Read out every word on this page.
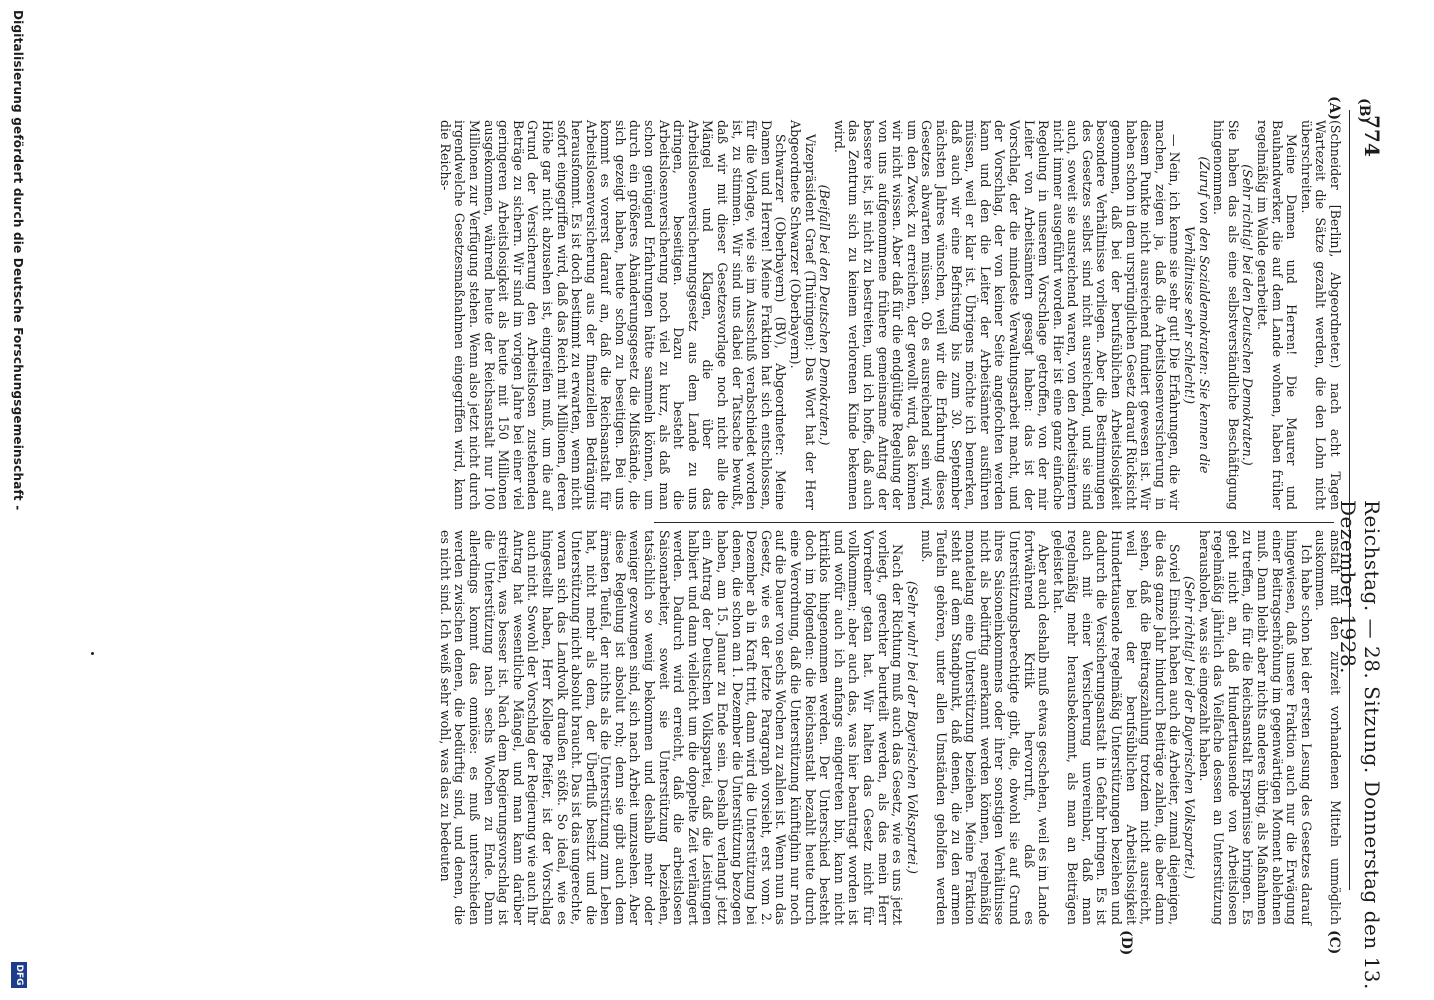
774
Reichstag. — 28. Sitzung. Donnerstag den 13. Dezember 1928.
(A) (B)
(C)
(D)

(Schneider [Berlin], Abgeordneter.) nach acht Tagen Wartezeit die Sätze gezahlt werden, die den Lohn nicht überschreiten.

Meine Damen und Herren! Die Maurer und Bauhandwerker, die auf dem Lande wohnen, haben früher regelmäßig im Walde gearbeitet.

(Sehr richtig! bei den Deutschen Demokraten.)

Sie haben das als eine selbstverständliche Beschäftigung hingenommen.

(Zuruf von den Sozialdemokraten: Sie kennen die Verhältnisse sehr schlecht!)

— Nein, ich kenne sie sehr gut! Die Erfahrungen, die wir machen, zeigen ja, daß die Arbeitslosenversicherung in diesem Punkte nicht ausreichend fundiert gewesen ist. Wir haben schon in dem ursprünglichen Gesetz darauf Rücksicht genommen, daß bei der berufsüblichen Arbeitslosigkeit besondere Verhältnisse vorliegen. Aber die Bestimmungen des Gesetzes selbst sind nicht ausreichend, und sie sind auch, soweit sie ausreichend waren, von den Arbeitsämtern nicht immer ausgeführt worden. Hier ist eine ganz einfache Regelung in unserem Vorschlage getroffen, von der mir Leiter von Arbeitsämtern gesagt haben: das ist der Vorschlag, der die mindeste Verwaltungsarbeit macht, und der Vorschlag, der von keiner Seite angefochten werden kann und den die Leiter der Arbeitsämter ausführen müssen, weil er klar ist. Übrigens möchte ich bemerken, daß auch wir eine Befristung bis zum 30. September nächsten Jahres wünschen, weil wir die Erfahrung dieses Gesetzes abwarten müssen. Ob es ausreichend sein wird, um den Zweck zu erreichen, der gewollt wird, das können wir nicht wissen. Aber daß für die endgültige Regelung der von uns aufgenommene frühere gemeinsame Antrag der bessere ist, ist nicht zu bestreiten, und ich hoffe, daß auch das Zentrum sich zu keinem verlorenen Kinde bekennen wird.

(Beifall bei den Deutschen Demokraten.)

Vizepräsident Graef (Thüringen): Das Wort hat der Herr Abgeordnete Schwarzer (Oberbayern).

Schwarzer (Oberbayern) (BV), Abgeordneter: Meine Damen und Herren! Meine Fraktion hat sich entschlossen, für die Vorlage, wie sie im Ausschuß verabschiedet worden ist, zu stimmen. Wir sind uns dabei der Tatsache bewußt, daß wir mit dieser Gesetzesvorlage noch nicht alle die Mängel und Klagen, die über das Arbeitslosenversicherungsgesetz aus dem Lande zu uns dringen, beseitigen. Dazu besteht die Arbeitslosenversicherung noch viel zu kurz, als daß man schon genügend Erfahrungen hätte sammeln können, um durch ein größeres Abänderungsgesetz die Mißstände, die sich gezeigt haben, heute schon zu beseitigen. Bei uns kommt es vorerst darauf an, daß die Reichsanstalt für Arbeitslosenversicherung aus der finanziellen Bedrängnis herausfommt. Es ist doch bestimmt zu erwarten, wenn nicht sofort eingegriffen wird, daß das Reich mit Millionen, deren Höhe gar nicht abzusehen ist, eingreifen muß, um die auf Grund der Versicherung den Arbeitslosen zustehenden Beträge zu sichern. Wir sind im vorigen Jahre bei einer viel geringeren Arbeitslosigkeit als heute mit 150 Millionen ausgekommen, während heute der Reichsanstalt nur 100 Millionen zur Verfügung stehen. Wenn also jetzt nicht durch irgendwelche Gesetzesmaßnahmen eingegriffen wird, kann die Reichs-

anstalt mit den zurzeit vorhandenen Mitteln unmöglich auskommen.

Ich habe schon bei der ersten Lesung des Gesetzes darauf hingewiesen, daß unsere Fraktion auch nur die Erwägung einer Beitragserhöhung im gegenwärtigen Moment ablehnen muß. Dann bleibt aber nichts anderes übrig, als Maßnahmen zu treffen, die für die Reichsanstalt Ersparnisse bringen. Es geht nicht an, daß Hunderttausende von Arbeitslosen regelmäßig jährlich das Vielfache dessen an Unterstützung herausholen, was sie eingezahlt haben.

(Sehr richtig! bei der Bayerischen Volkspartei.)

Soviel Einsicht haben auch die Arbeiter, zumal diejenigen, die das ganze Jahr hindurch Beiträge zahlen, die aber dann sehen, daß die Beitragszahlung trotzdem nicht ausreicht, weil bei der berufsüblichen Arbeitslosigkeit Hunderttausende regelmäßig Unterstützungen beziehen und dadurch die Versicherungsanstalt in Gefahr bringen. Es ist auch mit einer Versicherung unvereinbar, daß man regelmäßig mehr herausbekommt, als man an Beiträgen geleistet hat.

Aber auch deshalb muß etwas geschehen, weil es im Lande fortwährend Kritik hervorruft, daß es Unterstützungsberechtigte gibt, die, obwohl sie auf Grund ihres Saisoneinkommens oder ihrer sonstigen Verhältnisse nicht als bedürftig anerkannt werden können, regelmäßig monatelang eine Unterstützung beziehen. Meine Fraktion steht auf dem Standpunkt, daß denen, die zu den armen Teufeln gehören, unter allen Umständen geholfen werden muß.

(Sehr wahr! bei der Bayerischen Volkspartei.)

Nach der Richtung muß auch das Gesetz, wie es uns jetzt vorliegt, gerechter beurteilt werden, als das mein Herr Vorredner getan hat. Wir halten das Gesetz nicht für vollkommen; aber auch das, was hier beantragt worden ist und wofür auch ich anfangs eingetreten bin, kann nicht kritiklos hingenommen werden. Der Unterschied besteht doch im folgenden: die Reichsanstalt bezahlt heute durch eine Verordnung, daß die Unterstützung künftighin nur noch auf die Dauer von sechs Wochen zu zahlen ist. Wenn nun das Gesetz, wie es der letzte Paragraph vorsieht, erst vom 2. Dezember ab in Kraft tritt, dann wird die Unterstützung bei denen, die schon am 1. Dezember die Unterstützung bezogen haben, am 15. Januar zu Ende sein. Deshalb verlangt jetzt ein Antrag der Deutschen Volkspartei, daß die Leistungen halbiert und dann vielleicht um die doppelte Zeit verlängert werden. Dadurch wird erreicht, daß die arbeitslosen Saisonarbeiter, soweit sie Unterstützung beziehen, tatsächlich so wenig bekommen und deshalb mehr oder weniger gezwungen sind, sich nach Arbeit umzusehen. Aber diese Regelung ist absolut roh; denn sie gibt auch dem ärmsten Teufel, der nichts als die Unterstützung zum Leben hat, nicht mehr als dem, der Überfluß besitzt und die Unterstützung nicht absolut braucht. Das ist das ungerechte, woran sich das Landvolk draußen stößt. So ideal, wie es hingestellt haben, Herr Kollege Pfeifer, ist der Vorschlag auch nicht. Sowohl der Vorschlag der Regierung wie auch Ihr Antrag hat wesentliche Mängel, und man kann darüber streiten, was besser ist. Nach dem Regierungsvorschlag ist die Unterstützung nach sechs Wochen zu Ende. Dann allerdings kommt das omniöse: es muß unterschieden werden zwischen denen, die bedürftig sind, und denen, die es nicht sind. Ich weiß sehr wohl, was das zu bedeuten

Digitalisierung gefördert durch die Deutsche Forschungsgemeinschaft -
DFG
